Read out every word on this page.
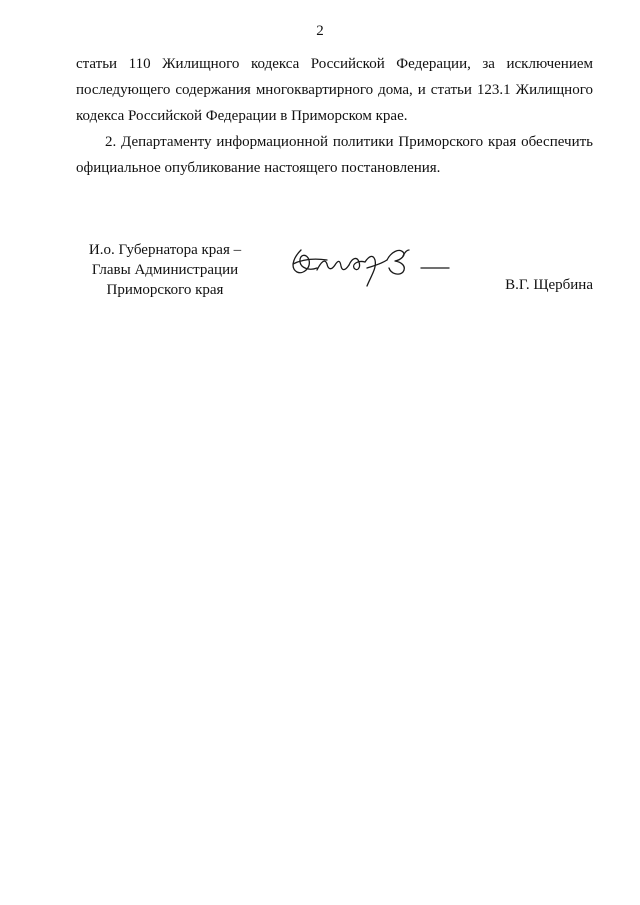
2
статьи 110 Жилищного кодекса Российской Федерации, за исключением
последующего содержания многоквартирного дома, и статьи 123.1 Жилищного
кодекса Российской Федерации в Приморском крае.
2. Департаменту информационной политики Приморского края обеспечить
официальное опубликование настоящего постановления.
И.о. Губернатора края –
Главы Администрации
Приморского края	В.Г. Щербина
